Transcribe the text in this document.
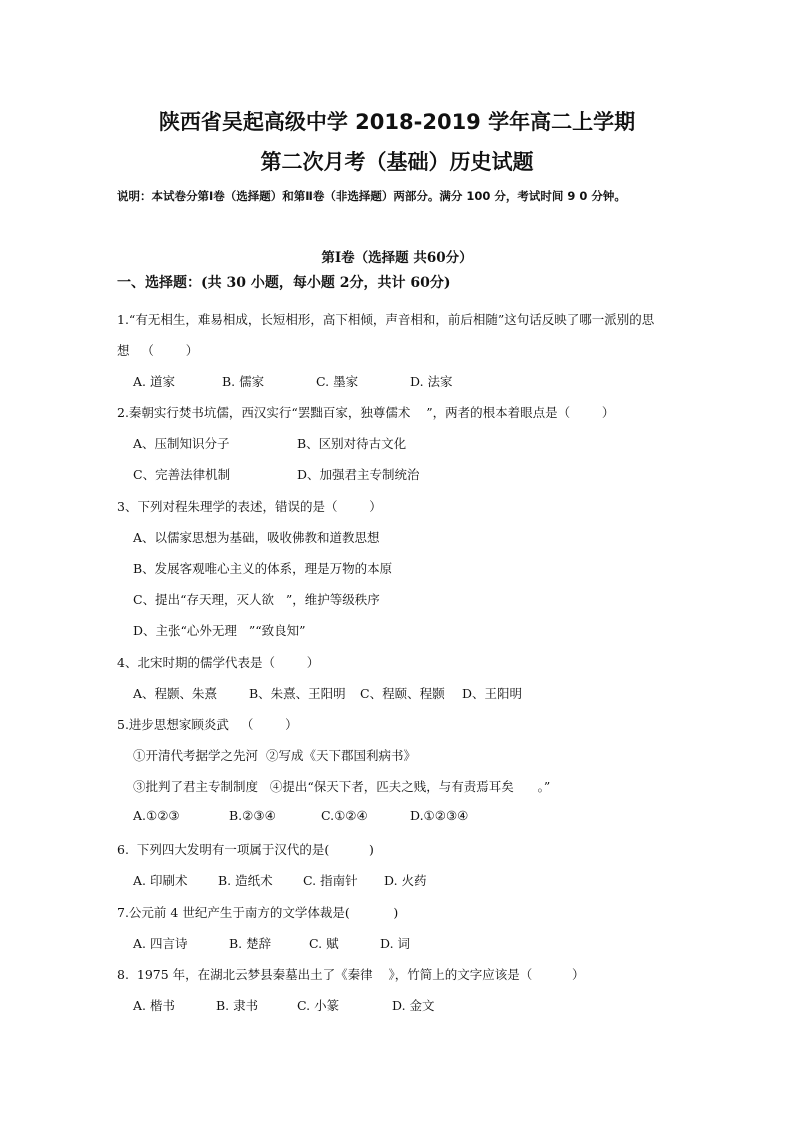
陕西省吴起高级中学 2018-2019 学年高二上学期
第二次月考（基础）历史试题
说明：本试卷分第Ⅰ卷（选择题）和第Ⅱ卷（非选择题）两部分。满分 100 分，考试时间 9 0 分钟。
第Ⅰ卷（选择题 共60分）
一、选择题：(共 30 小题，每小题 2分，共计 60分)
1.“有无相生，难易相成，长短相形，高下相倾，声音相和，前后相随”这句话反映了哪一派别的思
想   （        ）
A. 道家	B. 儒家	C. 墨家	D. 法家
2.秦朝实行焚书坑儒，西汉实行“罢黜百家，独尊儒术    ”，两者的根本着眼点是（        ）
A、压制知识分子	B、区别对待古文化
C、完善法律机制	D、加强君主专制统治
3、下列对程朱理学的表述，错误的是（        ）
A、以儒家思想为基础，吸收佛教和道教思想
B、发展客观唯心主义的体系，理是万物的本原
C、提出“存天理，灭人欲   ”，维护等级秩序
D、主张“心外无理   ”“致良知”
4、北宋时期的儒学代表是（        ）
A、程颢、朱熹	B、朱熹、王阳明 C、程颐、程颢 D、王阳明
5.进步思想家顾炎武   （        ）
①开清代考据学之先河  ②写成《天下郡国利病书》
③批判了君主专制制度   ④提出“保天下者，匹夫之贱，与有责焉耳矣      。”
A.①②③	B.②③④	C.①②④	D.①②③④
6.  下列四大发明有一项属于汉代的是(          )
A. 印刷术 B. 造纸术 C. 指南针 D. 火药
7.公元前 4 世纪产生于南方的文学体裁是(           )
A. 四言诗	B. 楚辞	C. 赋	D. 词
8.  1975 年，在湖北云梦县秦墓出土了《秦律    》，竹简上的文字应该是（          ）
A. 楷书	B. 隶书	C. 小篆	D. 金文
